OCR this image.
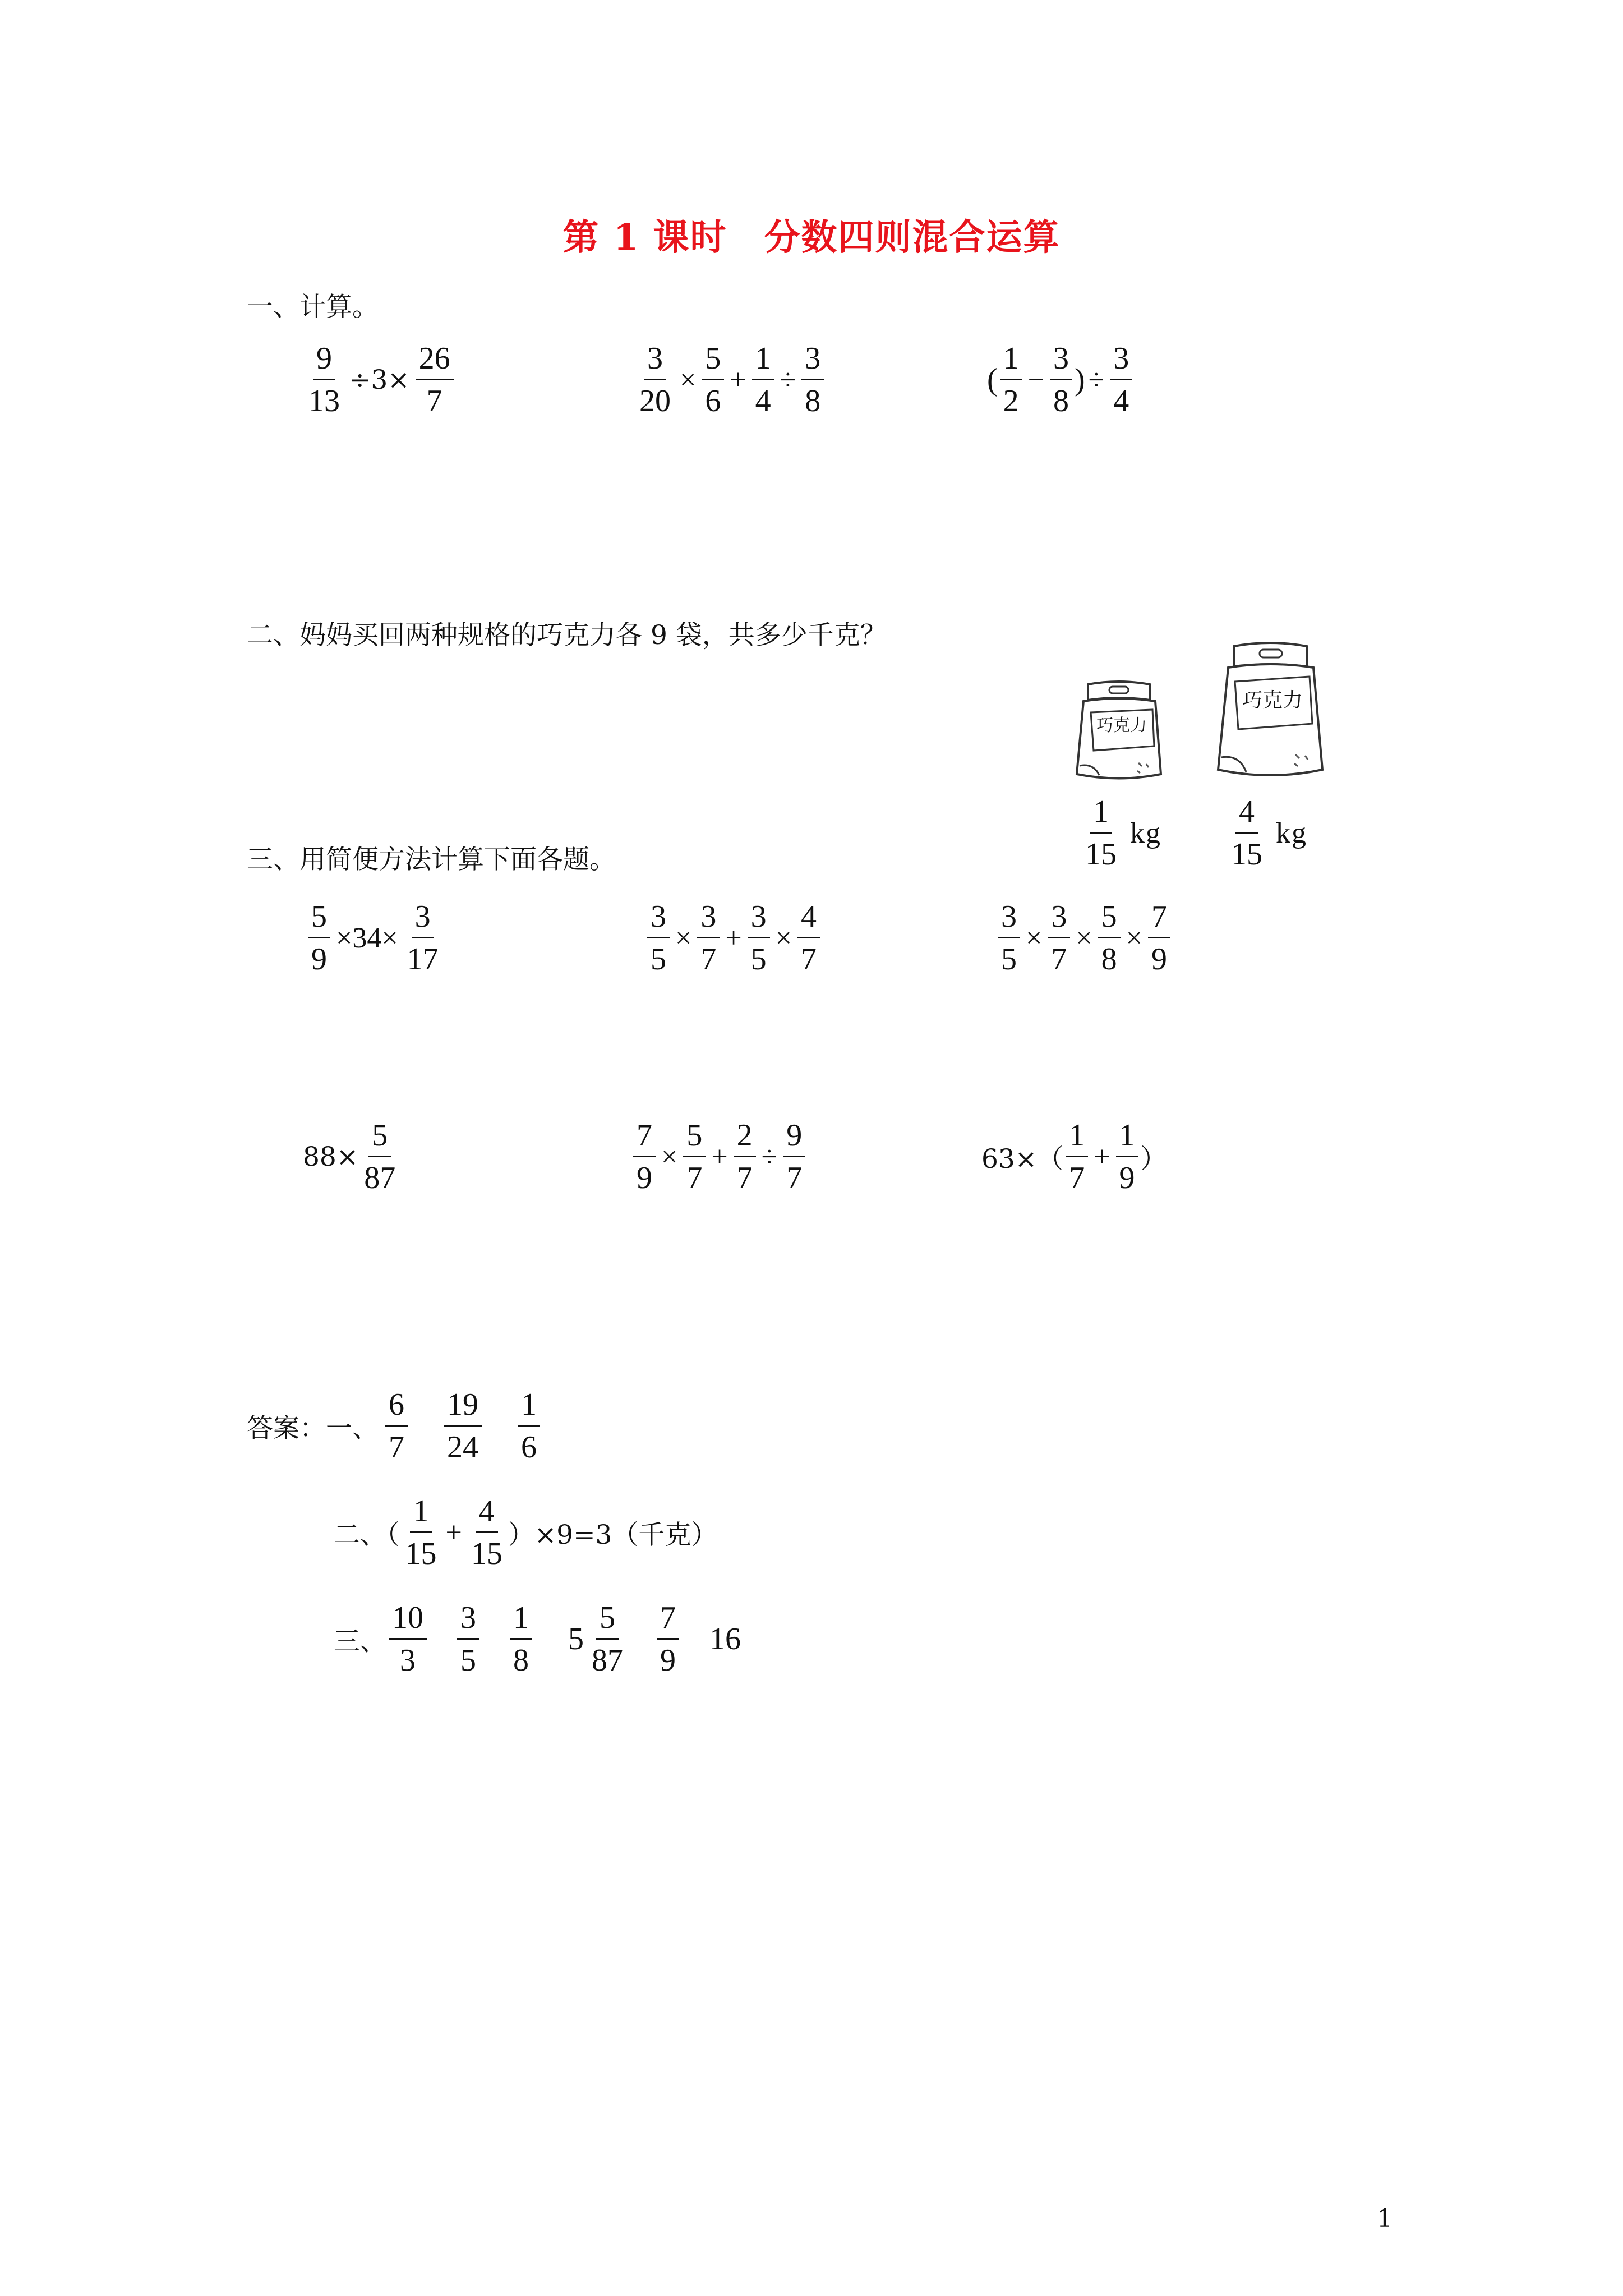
第 1 课时　分数四则混合运算
一、计算。
$\frac{9}{13} \div 3\times \frac{26}{7}$	$\frac{3}{20} \times \frac{5}{6} + \frac{1}{4} \div \frac{3}{8}$	( $\frac{1}{2} - \frac{3}{8}$ ) ÷ $\frac{3}{4}$
二、妈妈买回两种规格的巧克力各 9 袋，共多少千克？
巧克力
巧克力
$\frac{1}{15}$ kg $\frac{4}{15}$ kg
三、用简便方法计算下面各题。
$\frac{5}{9} \times 34\times \frac{3}{17}$	$\frac{3}{5} \times \frac{3}{7} + \frac{3}{5} \times \frac{4}{7}$	$\frac{3}{5} \times \frac{3}{7} \times \frac{5}{8} \times \frac{7}{9}$
$88\times \frac{5}{87}$	$\frac{7}{9} \times \frac{5}{7} + \frac{2}{7} \div \frac{9}{7}$	$63\times( \frac{1}{7} + \frac{1}{9}$ ）
答案：一、 $\frac{6}{7} \frac{19}{24} \frac{1}{6}$
二、（ $\frac{1}{15} + \frac{4}{15} )\times 9=3$（千克）
三、 $\frac{10}{3} \frac{3}{5} \frac{1}{8} 5 \frac{5}{87} \frac{7}{9} 16$
1
